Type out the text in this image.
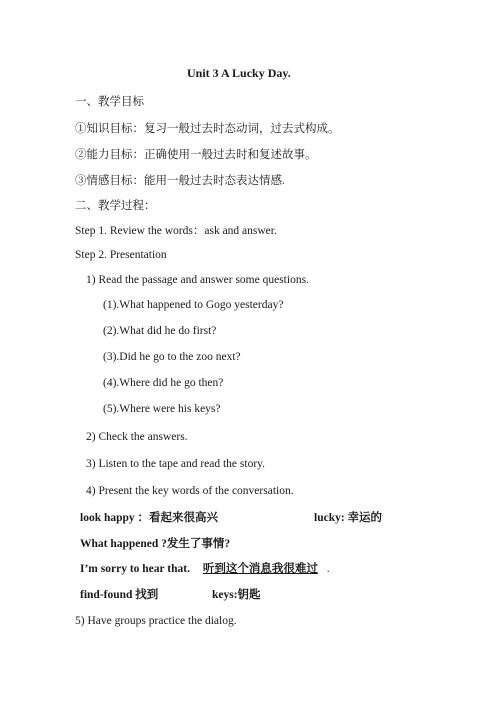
Unit 3 A Lucky Day.
一、教学目标
①知识目标：复习一般过去时态动词，过去式构成。
②能力目标：正确使用一般过去时和复述故事。
③情感目标：能用一般过去时态表达情感.
二、教学过程：
Step 1. Review the words：ask and answer.
Step 2. Presentation
1) Read the passage and answer some questions.
(1).What happened to Gogo yesterday?
(2).What did he do first?
(3).Did he go to the zoo next?
(4).Where did he go then?
(5).Where were his keys?
2) Check the answers.
3) Listen to the tape and read the story.
4) Present the key words of the conversation.
look happy ：看起来很高兴	lucky: 幸运的
What happened ?发生了事情?
I’m sorry to hear that. 听到这个消息我很难过 .
find-found 找到	keys:钥匙
5) Have groups practice the dialog.
